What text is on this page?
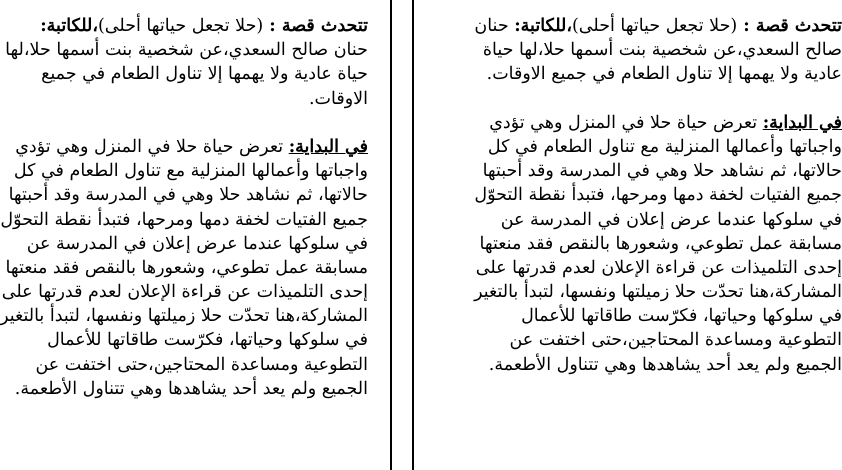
تتحدث قصة : (حلا تجعل حياتها أحلى)،للكاتبة:
حنان صالح السعدي،عن شخصية بنت أسمها حلا،لها
حياة عادية ولا يهمها إلا تناول الطعام في جميع
الاوقات.
في البداية: تعرض حياة حلا في المنزل وهي تؤدي
واجباتها وأعمالها المنزلية مع تناول الطعام في كل
حالاتها، ثم نشاهد حلا وهي في المدرسة وقد أحبتها
جميع الفتيات لخفة دمها ومرحها، فتبدأ نقطة التحوّل
في سلوكها عندما عرض إعلان في المدرسة عن
مسابقة عمل تطوعي، وشعورها بالنقص فقد منعتها
إحدى التلميذات عن قراءة الإعلان لعدم قدرتها على
المشاركة،هنا تحدّت حلا زميلتها ونفسها، لتبدأ بالتغير
في سلوكها وحياتها، فكرّست طاقاتها للأعمال
التطوعية ومساعدة المحتاجين،حتى اختفت عن
الجميع ولم يعد أحد يشاهدها وهي تتناول الأطعمة.
تتحدث قصة : (حلا تجعل حياتها أحلى)،للكاتبة: حنان
صالح السعدي،عن شخصية بنت أسمها حلا،لها حياة
عادية ولا يهمها إلا تناول الطعام في جميع الاوقات.
في البداية: تعرض حياة حلا في المنزل وهي تؤدي
واجباتها وأعمالها المنزلية مع تناول الطعام في كل
حالاتها، ثم نشاهد حلا وهي في المدرسة وقد أحبتها
جميع الفتيات لخفة دمها ومرحها، فتبدأ نقطة التحوّل
في سلوكها عندما عرض إعلان في المدرسة عن
مسابقة عمل تطوعي، وشعورها بالنقص فقد منعتها
إحدى التلميذات عن قراءة الإعلان لعدم قدرتها على
المشاركة،هنا تحدّت حلا زميلتها ونفسها، لتبدأ بالتغير
في سلوكها وحياتها، فكرّست طاقاتها للأعمال
التطوعية ومساعدة المحتاجين،حتى اختفت عن
الجميع ولم يعد أحد يشاهدها وهي تتناول الأطعمة.
